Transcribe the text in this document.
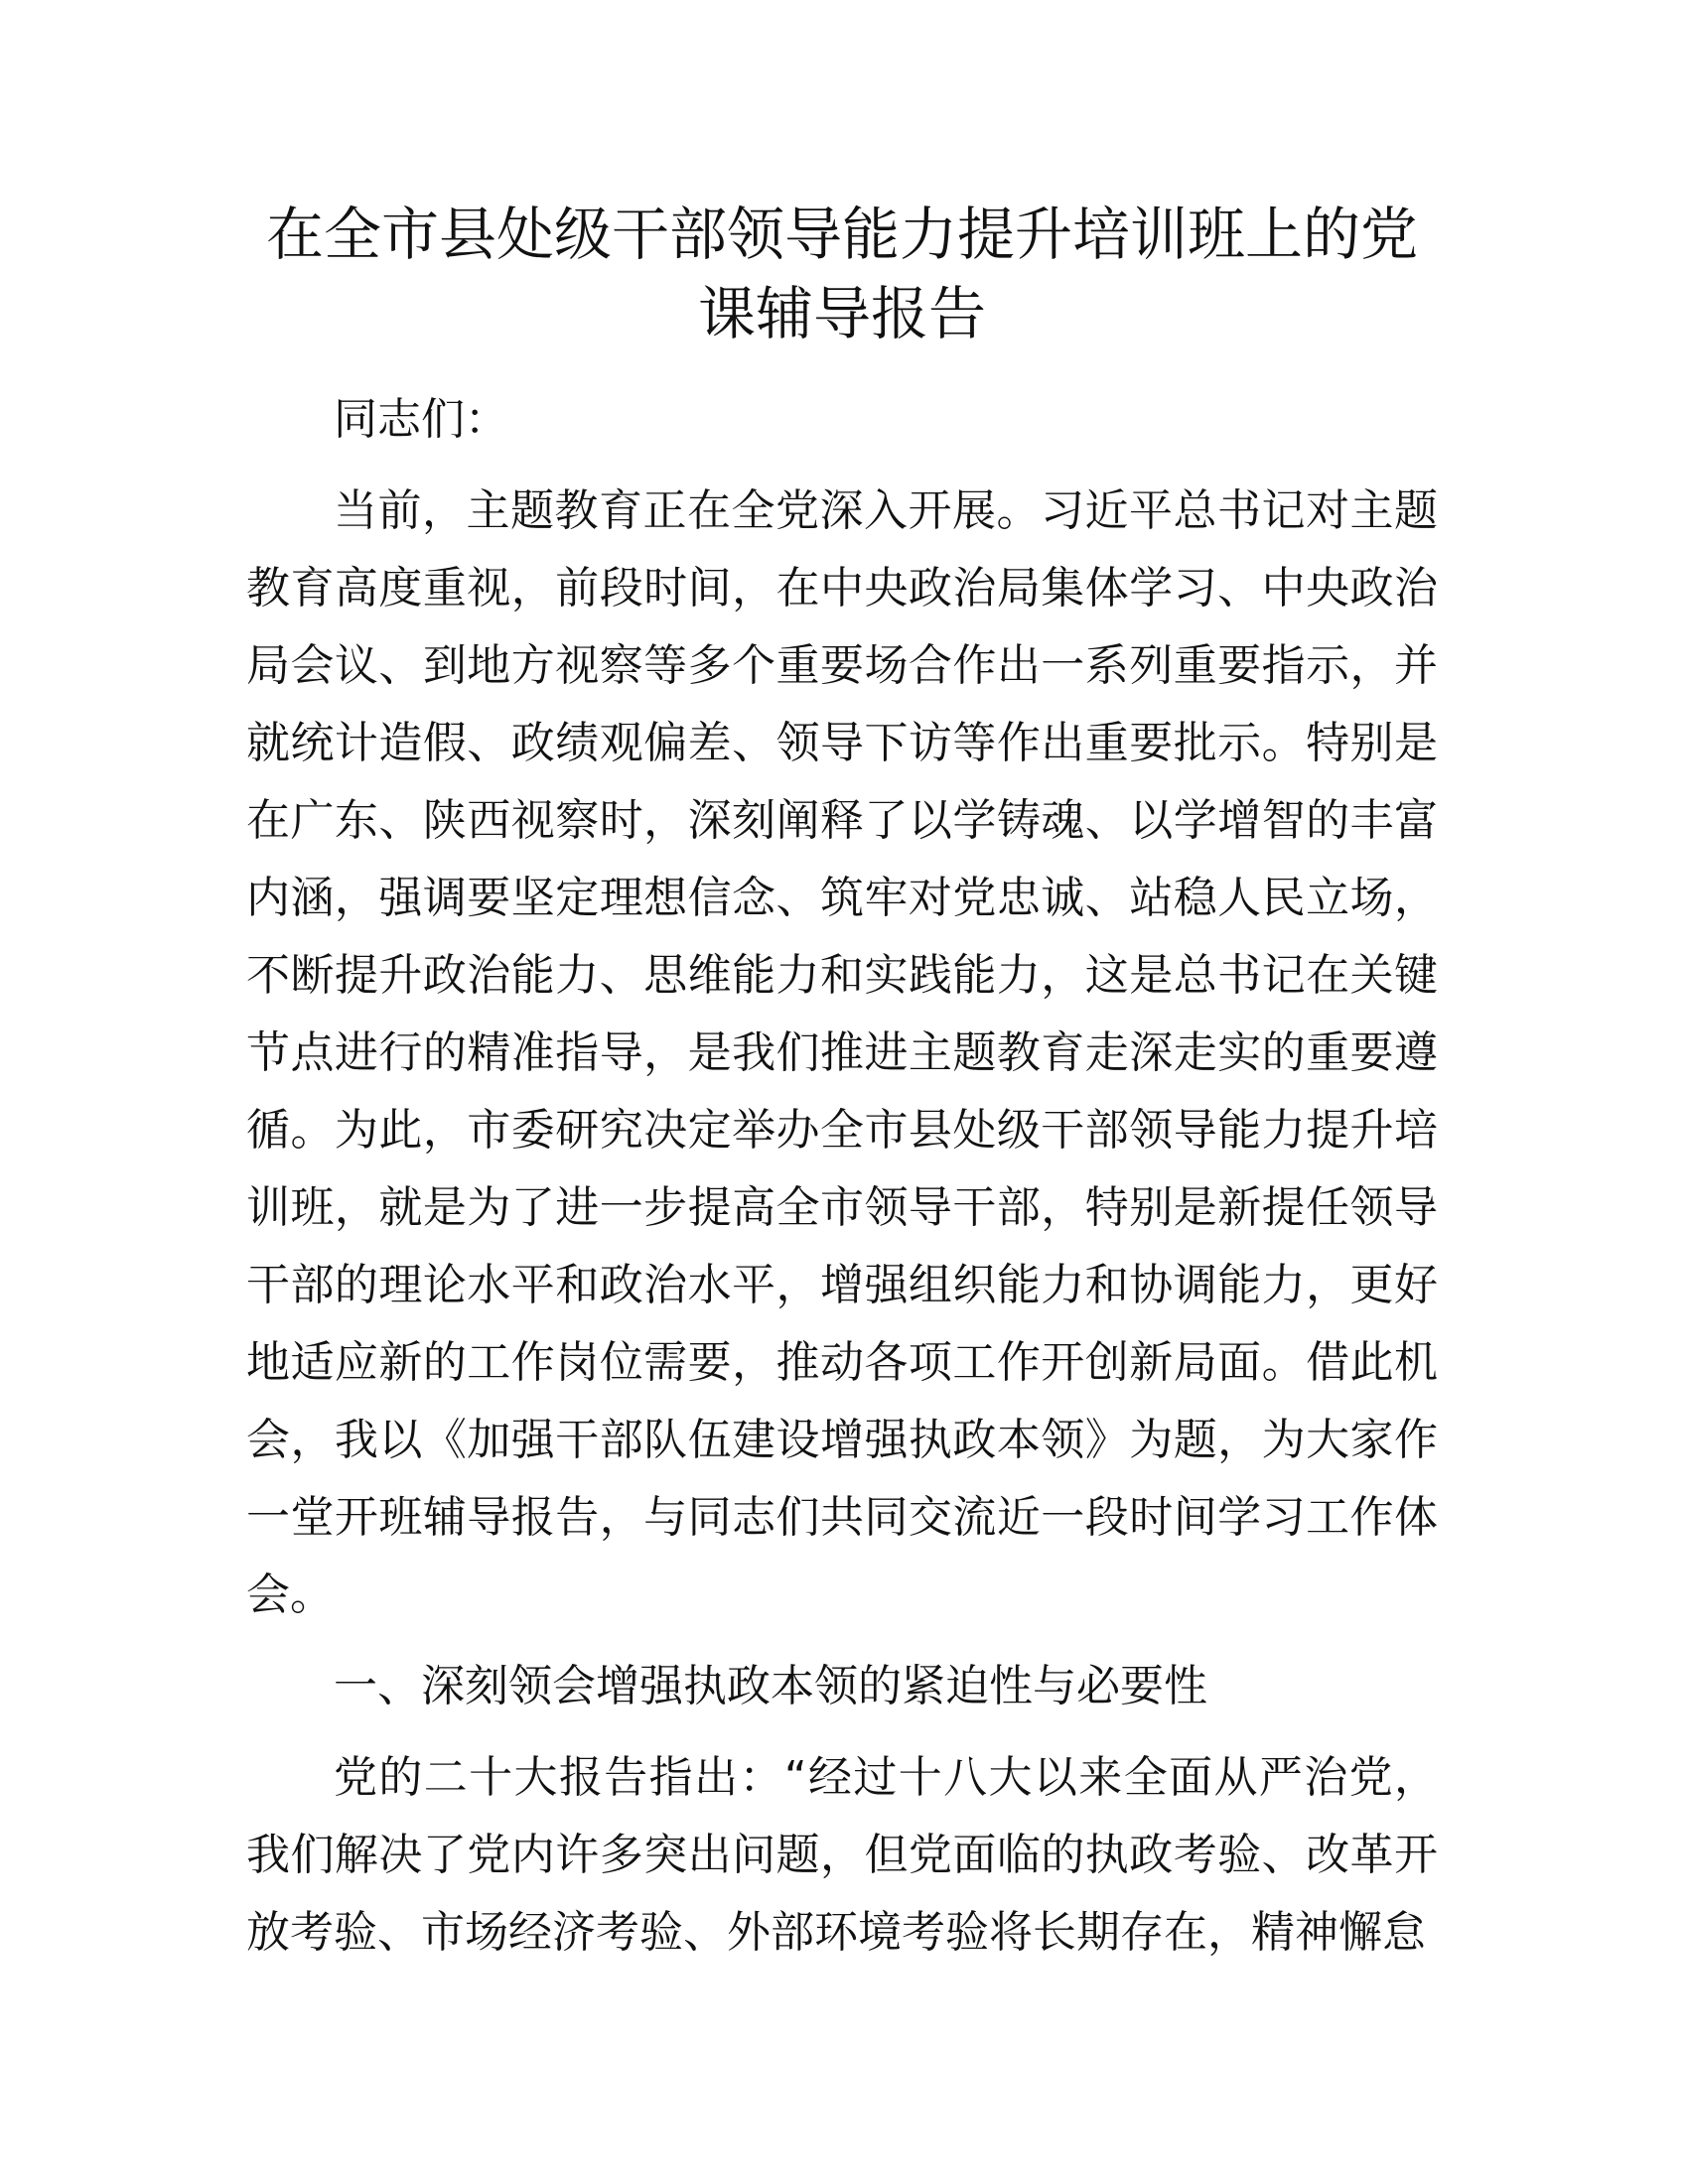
在全市县处级干部领导能力提升培训班上的党
课辅导报告

同志们：

当前，主题教育正在全党深入开展。习近平总书记对主题教育高度重视，前段时间，在中央政治局集体学习、中央政治局会议、到地方视察等多个重要场合作出一系列重要指示，并就统计造假、政绩观偏差、领导下访等作出重要批示。特别是在广东、陕西视察时，深刻阐释了以学铸魂、以学增智的丰富内涵，强调要坚定理想信念、筑牢对党忠诚、站稳人民立场，不断提升政治能力、思维能力和实践能力，这是总书记在关键节点进行的精准指导，是我们推进主题教育走深走实的重要遵循。为此，市委研究决定举办全市县处级干部领导能力提升培训班，就是为了进一步提高全市领导干部，特别是新提任领导干部的理论水平和政治水平，增强组织能力和协调能力，更好地适应新的工作岗位需要，推动各项工作开创新局面。借此机会，我以《加强干部队伍建设增强执政本领》为题，为大家作一堂开班辅导报告，与同志们共同交流近一段时间学习工作体会。

一、深刻领会增强执政本领的紧迫性与必要性

党的二十大报告指出：“经过十八大以来全面从严治党，我们解决了党内许多突出问题，但党面临的执政考验、改革开放考验、市场经济考验、外部环境考验将长期存在，精神懈怠
